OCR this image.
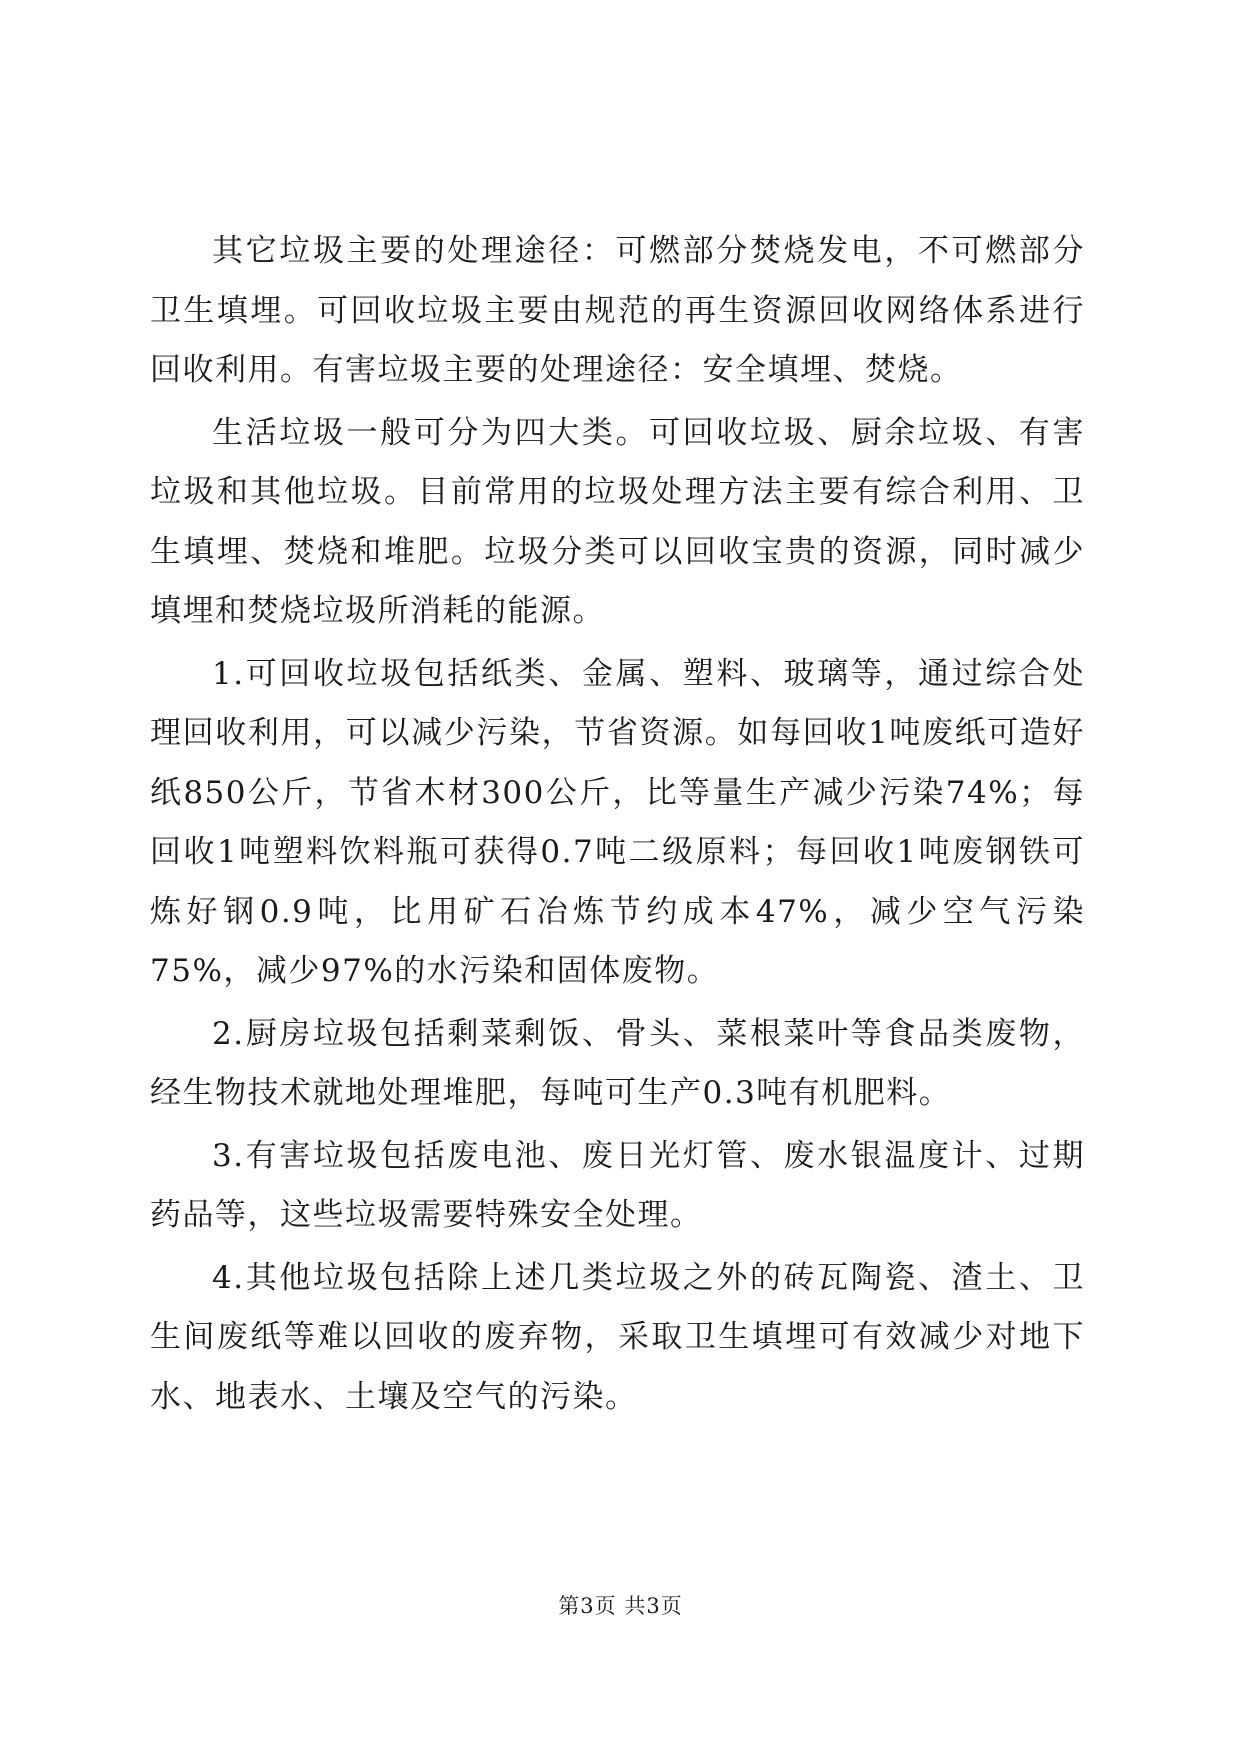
其它垃圾主要的处理途径：可燃部分焚烧发电，不可燃部分卫生填埋。可回收垃圾主要由规范的再生资源回收网络体系进行回收利用。有害垃圾主要的处理途径：安全填埋、焚烧。

生活垃圾一般可分为四大类。可回收垃圾、厨余垃圾、有害垃圾和其他垃圾。目前常用的垃圾处理方法主要有综合利用、卫生填埋、焚烧和堆肥。垃圾分类可以回收宝贵的资源，同时减少填埋和焚烧垃圾所消耗的能源。

1.可回收垃圾包括纸类、金属、塑料、玻璃等，通过综合处理回收利用，可以减少污染，节省资源。如每回收1吨废纸可造好纸850公斤，节省木材300公斤，比等量生产减少污染74%；每回收1吨塑料饮料瓶可获得0.7吨二级原料；每回收1吨废钢铁可炼好钢0.9吨，比用矿石冶炼节约成本47%，减少空气污染75%，减少97%的水污染和固体废物。

2.厨房垃圾包括剩菜剩饭、骨头、菜根菜叶等食品类废物，经生物技术就地处理堆肥，每吨可生产0.3吨有机肥料。

3.有害垃圾包括废电池、废日光灯管、废水银温度计、过期药品等，这些垃圾需要特殊安全处理。

4.其他垃圾包括除上述几类垃圾之外的砖瓦陶瓷、渣土、卫生间废纸等难以回收的废弃物，采取卫生填埋可有效减少对地下水、地表水、土壤及空气的污染。

第3页 共3页
